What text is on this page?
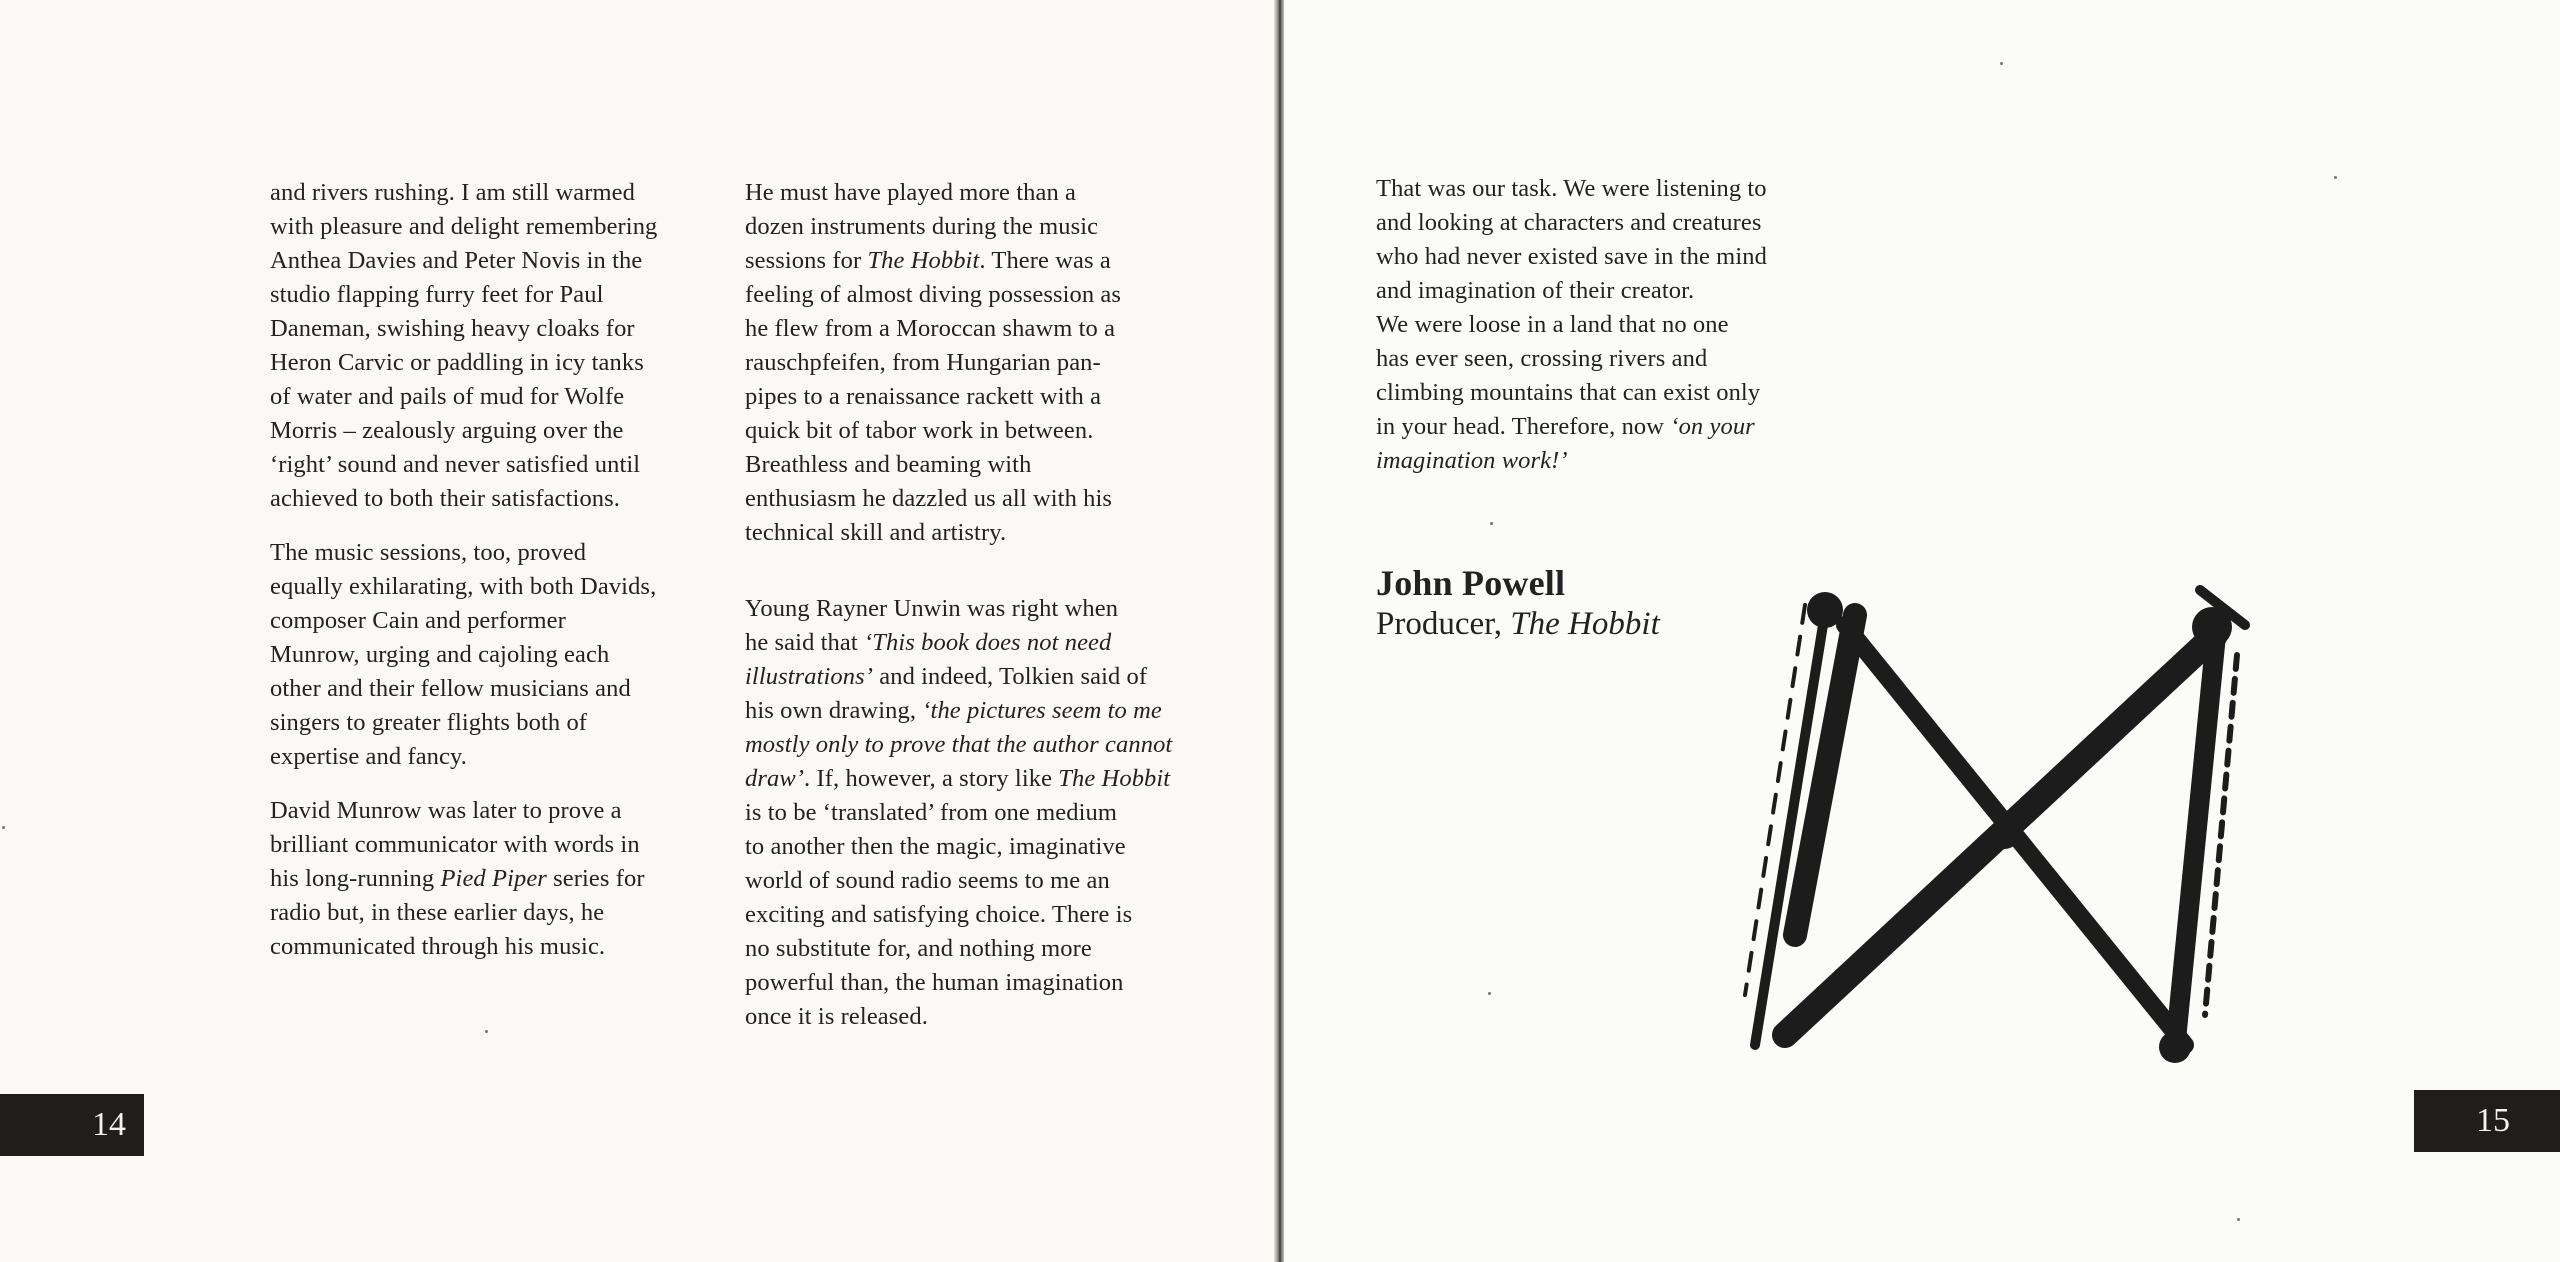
and rivers rushing. I am still warmed
with pleasure and delight remembering
Anthea Davies and Peter Novis in the
studio flapping furry feet for Paul
Daneman, swishing heavy cloaks for
Heron Carvic or paddling in icy tanks
of water and pails of mud for Wolfe
Morris – zealously arguing over the
‘right’ sound and never satisfied until
achieved to both their satisfactions.

The music sessions, too, proved
equally exhilarating, with both Davids,
composer Cain and performer
Munrow, urging and cajoling each
other and their fellow musicians and
singers to greater flights both of
expertise and fancy.

David Munrow was later to prove a
brilliant communicator with words in
his long-running Pied Piper series for
radio but, in these earlier days, he
communicated through his music.

He must have played more than a
dozen instruments during the music
sessions for The Hobbit. There was a
feeling of almost diving possession as
he flew from a Moroccan shawm to a
rauschpfeifen, from Hungarian pan-
pipes to a renaissance rackett with a
quick bit of tabor work in between.
Breathless and beaming with
enthusiasm he dazzled us all with his
technical skill and artistry.

Young Rayner Unwin was right when
he said that ‘This book does not need
illustrations’ and indeed, Tolkien said of
his own drawing, ‘the pictures seem to me
mostly only to prove that the author cannot
draw’. If, however, a story like The Hobbit
is to be ‘translated’ from one medium
to another then the magic, imaginative
world of sound radio seems to me an
exciting and satisfying choice. There is
no substitute for, and nothing more
powerful than, the human imagination
once it is released.

14

That was our task. We were listening to
and looking at characters and creatures
who had never existed save in the mind
and imagination of their creator.
We were loose in a land that no one
has ever seen, crossing rivers and
climbing mountains that can exist only
in your head. Therefore, now ‘on your
imagination work!’

John Powell
Producer, The Hobbit
15
